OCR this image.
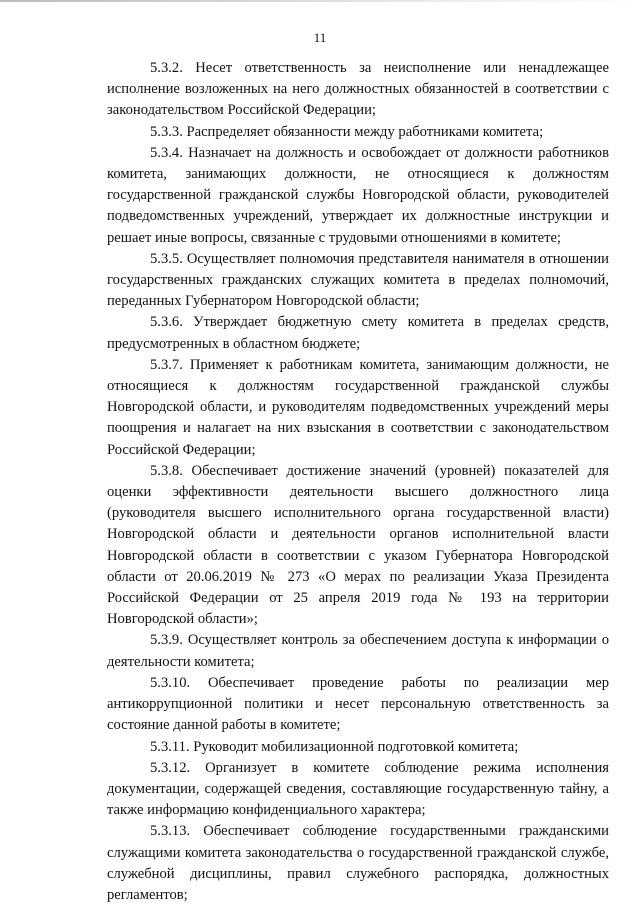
11

5.3.2. Несет ответственность за неисполнение или ненадлежащее исполнение возложенных на него должностных обязанностей в соответствии с законодательством Российской Федерации;

5.3.3. Распределяет обязанности между работниками комитета;

5.3.4. Назначает на должность и освобождает от должности работников комитета, занимающих должности, не относящиеся к должностям государственной гражданской службы Новгородской области, руководителей подведомственных учреждений, утверждает их должностные инструкции и решает иные вопросы, связанные с трудовыми отношениями в комитете;

5.3.5. Осуществляет полномочия представителя нанимателя в отношении государственных гражданских служащих комитета в пределах полномочий, переданных Губернатором Новгородской области;

5.3.6. Утверждает бюджетную смету комитета в пределах средств, предусмотренных в областном бюджете;

5.3.7. Применяет к работникам комитета, занимающим должности, не относящиеся к должностям государственной гражданской службы Новгородской области, и руководителям подведомственных учреждений меры поощрения и налагает на них взыскания в соответствии с законодательством Российской Федерации;

5.3.8. Обеспечивает достижение значений (уровней) показателей для оценки эффективности деятельности высшего должностного лица (руководителя высшего исполнительного органа государственной власти) Новгородской области и деятельности органов исполнительной власти Новгородской области в соответствии с указом Губернатора Новгородской области от 20.06.2019 № 273 «О мерах по реализации Указа Президента Российской Федерации от 25 апреля 2019 года № 193 на территории Новгородской области»;

5.3.9. Осуществляет контроль за обеспечением доступа к информации о деятельности комитета;

5.3.10. Обеспечивает проведение работы по реализации мер антикоррупционной политики и несет персональную ответственность за состояние данной работы в комитете;

5.3.11. Руководит мобилизационной подготовкой комитета;

5.3.12. Организует в комитете соблюдение режима исполнения документации, содержащей сведения, составляющие государственную тайну, а также информацию конфиденциального характера;

5.3.13. Обеспечивает соблюдение государственными гражданскими служащими комитета законодательства о государственной гражданской службе, служебной дисциплины, правил служебного распорядка, должностных регламентов;
